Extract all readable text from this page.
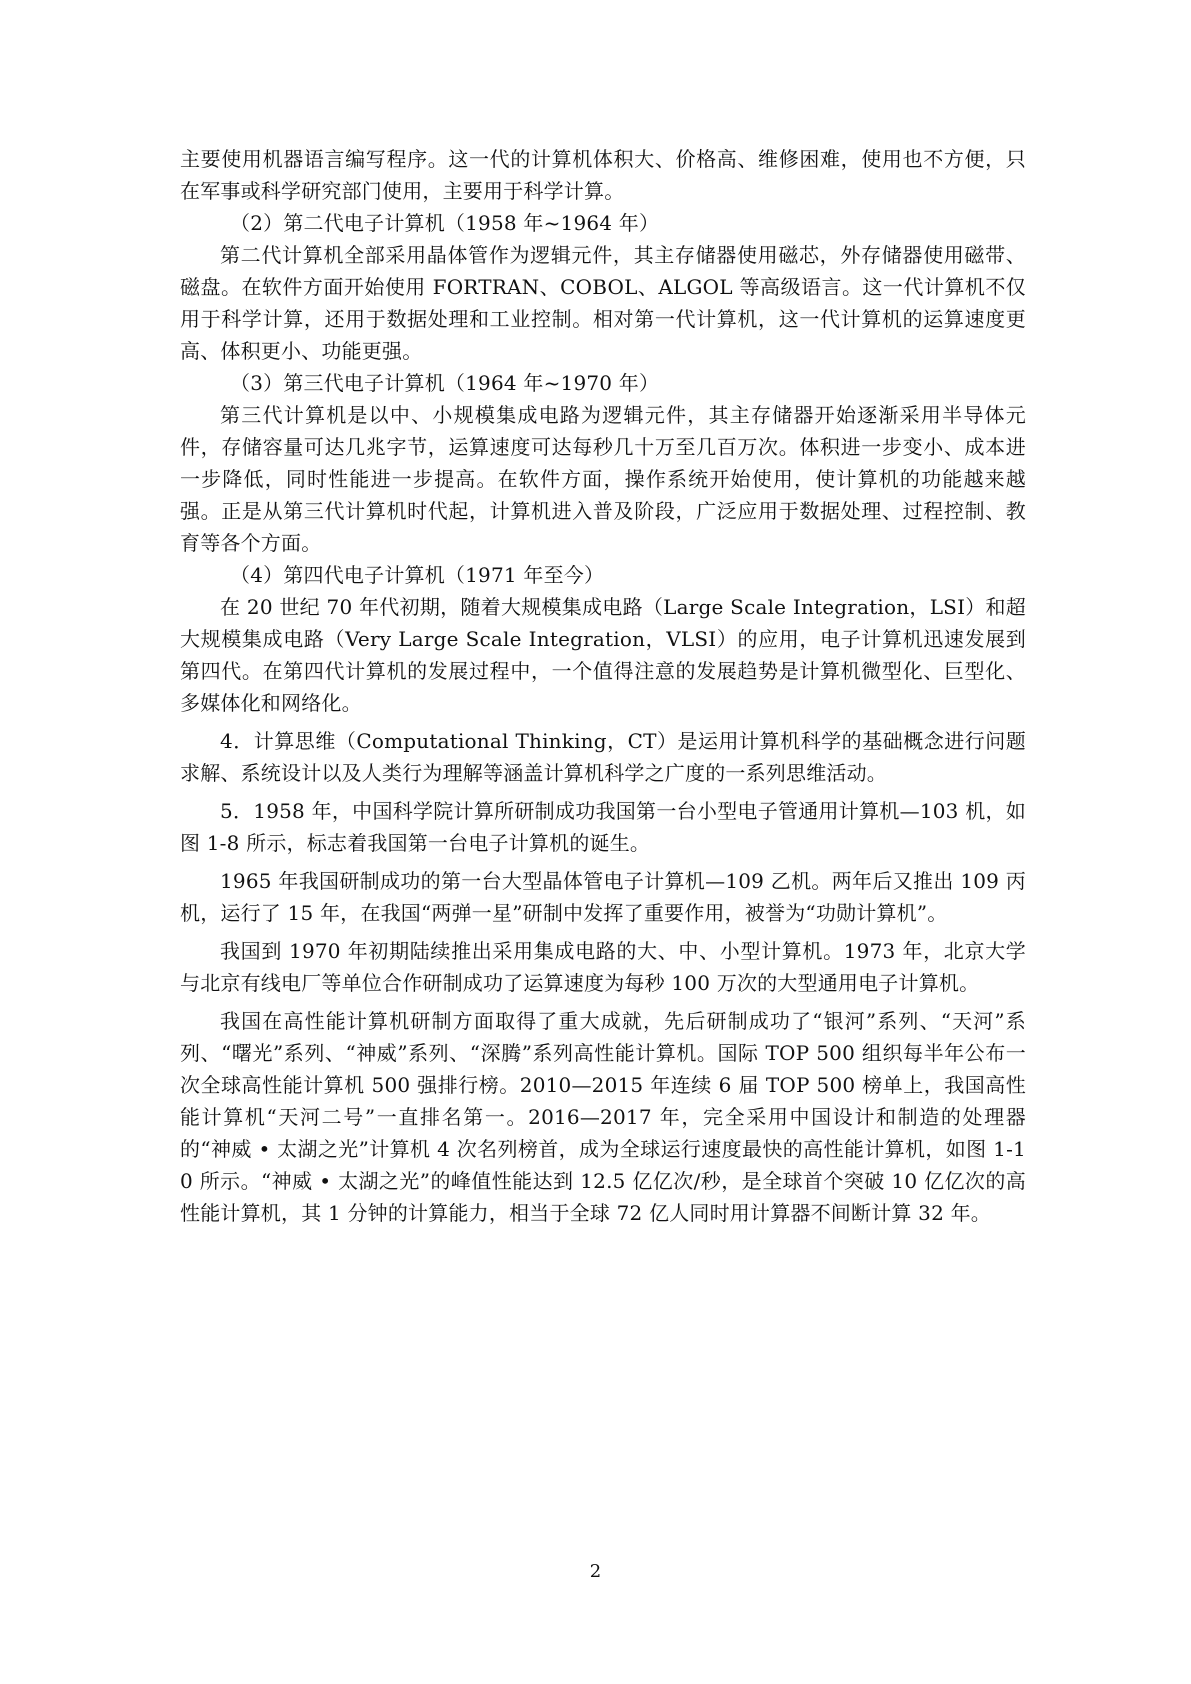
主要使用机器语言编写程序。这一代的计算机体积大、价格高、维修困难，使用也不方便，只在军事或科学研究部门使用，主要用于科学计算。

（2）第二代电子计算机（1958 年~1964 年）

第二代计算机全部采用晶体管作为逻辑元件，其主存储器使用磁芯，外存储器使用磁带、磁盘。在软件方面开始使用 FORTRAN、COBOL、ALGOL 等高级语言。这一代计算机不仅用于科学计算，还用于数据处理和工业控制。相对第一代计算机，这一代计算机的运算速度更高、体积更小、功能更强。

（3）第三代电子计算机（1964 年~1970 年）

第三代计算机是以中、小规模集成电路为逻辑元件，其主存储器开始逐渐采用半导体元件，存储容量可达几兆字节，运算速度可达每秒几十万至几百万次。体积进一步变小、成本进一步降低，同时性能进一步提高。在软件方面，操作系统开始使用，使计算机的功能越来越强。正是从第三代计算机时代起，计算机进入普及阶段，广泛应用于数据处理、过程控制、教育等各个方面。

（4）第四代电子计算机（1971 年至今）

在 20 世纪 70 年代初期，随着大规模集成电路（Large Scale Integration，LSI）和超大规模集成电路（Very Large Scale Integration，VLSI）的应用，电子计算机迅速发展到第四代。在第四代计算机的发展过程中，一个值得注意的发展趋势是计算机微型化、巨型化、多媒体化和网络化。

4．计算思维（Computational Thinking，CT）是运用计算机科学的基础概念进行问题求解、系统设计以及人类行为理解等涵盖计算机科学之广度的一系列思维活动。

5．1958 年，中国科学院计算所研制成功我国第一台小型电子管通用计算机—103 机，如图 1-8 所示，标志着我国第一台电子计算机的诞生。

1965 年我国研制成功的第一台大型晶体管电子计算机—109 乙机。两年后又推出 109 丙机，运行了 15 年，在我国“两弹一星”研制中发挥了重要作用，被誉为“功勋计算机”。

我国到 1970 年初期陆续推出采用集成电路的大、中、小型计算机。1973 年，北京大学与北京有线电厂等单位合作研制成功了运算速度为每秒 100 万次的大型通用电子计算机。

我国在高性能计算机研制方面取得了重大成就，先后研制成功了“银河”系列、“天河”系列、“曙光”系列、“神威”系列、“深腾”系列高性能计算机。国际 TOP 500 组织每半年公布一次全球高性能计算机 500 强排行榜。2010—2015 年连续 6 届 TOP 500 榜单上，我国高性能计算机“天河二号”一直排名第一。2016—2017 年，完全采用中国设计和制造的处理器的“神威 • 太湖之光”计算机 4 次名列榜首，成为全球运行速度最快的高性能计算机，如图 1-10 所示。“神威 • 太湖之光”的峰值性能达到 12.5 亿亿次/秒，是全球首个突破 10 亿亿次的高性能计算机，其 1 分钟的计算能力，相当于全球 72 亿人同时用计算器不间断计算 32 年。

2
